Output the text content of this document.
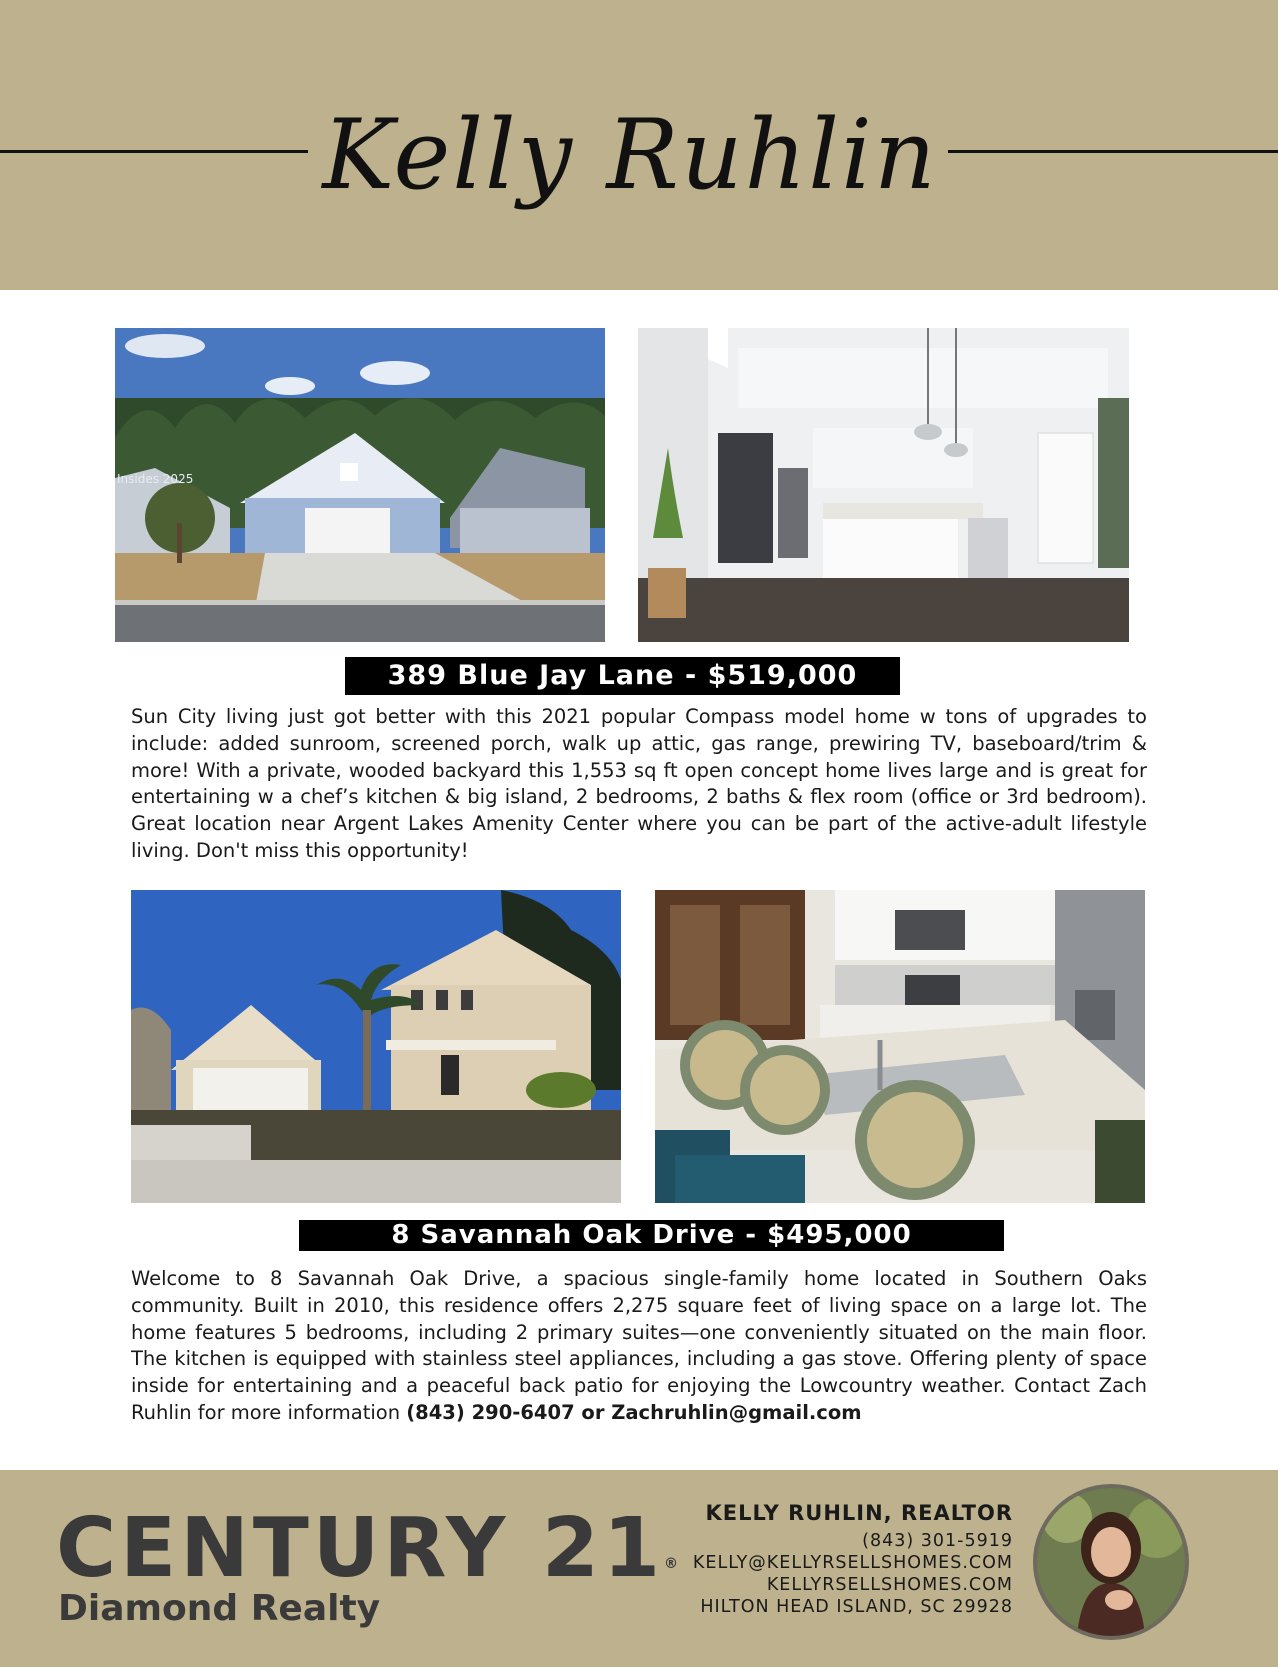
Kelly Ruhlin
Insides 2025
389 Blue Jay Lane - $519,000
Sun City living just got better with this 2021 popular Compass model home w tons of upgrades to include: added sunroom, screened porch, walk up attic, gas range, prewiring TV, baseboard/trim & more! With a private, wooded backyard this 1,553 sq ft open concept home lives large and is great for entertaining w a chef’s kitchen & big island, 2 bedrooms, 2 baths & flex room (office or 3rd bedroom). Great location near Argent Lakes Amenity Center where you can be part of the active-adult lifestyle living. Don't miss this opportunity!
8 Savannah Oak Drive - $495,000
Welcome to 8 Savannah Oak Drive, a spacious single-family home located in Southern Oaks community. Built in 2010, this residence offers 2,275 square feet of living space on a large lot. The home features 5 bedrooms, including 2 primary suites—one conveniently situated on the main floor. The kitchen is equipped with stainless steel appliances, including a gas stove. Offering plenty of space inside for entertaining and a peaceful back patio for enjoying the Lowcountry weather. Contact Zach Ruhlin for more information (843) 290-6407 or Zachruhlin@gmail.com
CENTURY 21®
Diamond Realty
KELLY RUHLIN, REALTOR
(843) 301-5919
KELLY@KELLYRSELLSHOMES.COM
KELLYRSELLSHOMES.COM
HILTON HEAD ISLAND, SC 29928
